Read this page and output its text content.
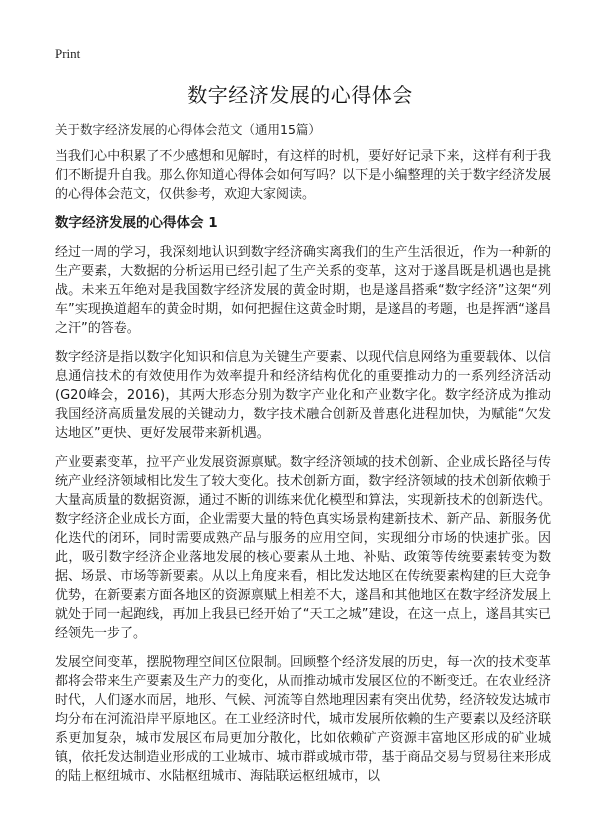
Print
数字经济发展的心得体会
关于数字经济发展的心得体会范文（通用15篇）

当我们心中积累了不少感想和见解时，有这样的时机，要好好记录下来，这样有利于我们不断提升自我。那么你知道心得体会如何写吗？以下是小编整理的关于数字经济发展的心得体会范文，仅供参考，欢迎大家阅读。

数字经济发展的心得体会 1

经过一周的学习，我深刻地认识到数字经济确实离我们的生产生活很近，作为一种新的生产要素，大数据的分析运用已经引起了生产关系的变革，这对于遂昌既是机遇也是挑战。未来五年绝对是我国数字经济发展的黄金时期，也是遂昌搭乘“数字经济”这架“列车”实现换道超车的黄金时期，如何把握住这黄金时期，是遂昌的考题，也是挥洒“遂昌之汗”的答卷。

数字经济是指以数字化知识和信息为关键生产要素、以现代信息网络为重要载体、以信息通信技术的有效使用作为效率提升和经济结构优化的重要推动力的一系列经济活动(G20峰会，2016)，其两大形态分别为数字产业化和产业数字化。数字经济成为推动我国经济高质量发展的关键动力，数字技术融合创新及普惠化进程加快，为赋能“欠发达地区”更快、更好发展带来新机遇。

产业要素变革，拉平产业发展资源禀赋。数字经济领域的技术创新、企业成长路径与传统产业经济领域相比发生了较大变化。技术创新方面，数字经济领域的技术创新依赖于大量高质量的数据资源，通过不断的训练来优化模型和算法，实现新技术的创新迭代。数字经济企业成长方面，企业需要大量的特色真实场景构建新技术、新产品、新服务优化迭代的闭环，同时需要成熟产品与服务的应用空间，实现细分市场的快速扩张。因此，吸引数字经济企业落地发展的核心要素从土地、补贴、政策等传统要素转变为数据、场景、市场等新要素。从以上角度来看，相比发达地区在传统要素构建的巨大竞争优势，在新要素方面各地区的资源禀赋上相差不大，遂昌和其他地区在数字经济发展上就处于同一起跑线，再加上我县已经开始了“天工之城”建设，在这一点上，遂昌其实已经领先一步了。

发展空间变革，摆脱物理空间区位限制。回顾整个经济发展的历史，每一次的技术变革都将会带来生产要素及生产力的变化，从而推动城市发展区位的不断变迁。在农业经济时代，人们逐水而居，地形、气候、河流等自然地理因素有突出优势，经济较发达城市均分布在河流沿岸平原地区。在工业经济时代，城市发展所依赖的生产要素以及经济联系更加复杂，城市发展区布局更加分散化，比如依赖矿产资源丰富地区形成的矿业城镇，依托发达制造业形成的工业城市、城市群或城市带，基于商品交易与贸易往来形成的陆上枢纽城市、水陆枢纽城市、海陆联运枢纽城市，以
